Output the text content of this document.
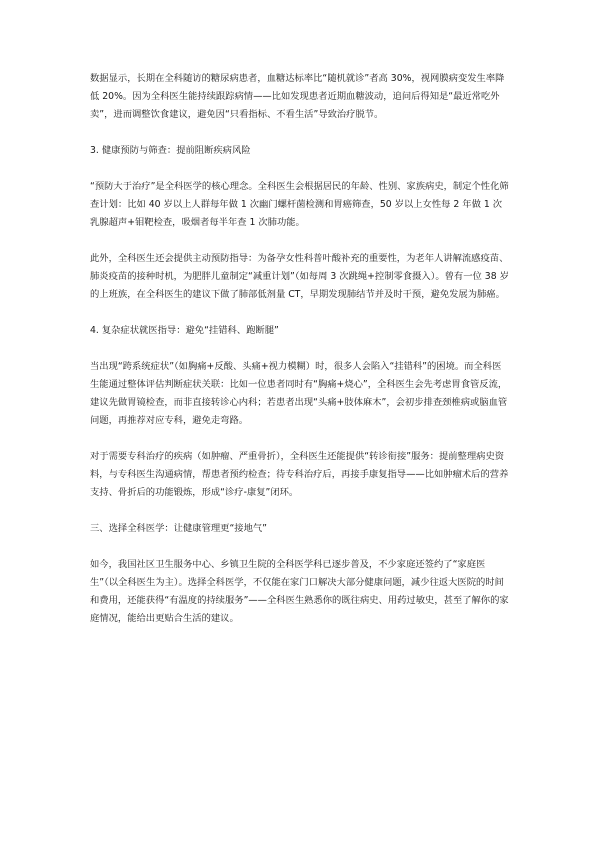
数据显示，长期在全科随访的糖尿病患者，血糖达标率比“随机就诊”者高 30%，视网膜病变发生率降低 20%。因为全科医生能持续跟踪病情——比如发现患者近期血糖波动，追问后得知是“最近常吃外卖”，进而调整饮食建议，避免因“只看指标、不看生活”导致治疗脱节。

3. 健康预防与筛查：提前阻断疾病风险

“预防大于治疗”是全科医学的核心理念。全科医生会根据居民的年龄、性别、家族病史，制定个性化筛查计划：比如 40 岁以上人群每年做 1 次幽门螺杆菌检测和胃癌筛查，50 岁以上女性每 2 年做 1 次乳腺超声+钼靶检查，吸烟者每半年查 1 次肺功能。

此外，全科医生还会提供主动预防指导：为备孕女性科普叶酸补充的重要性，为老年人讲解流感疫苗、肺炎疫苗的接种时机，为肥胖儿童制定“减重计划”（如每周 3 次跳绳+控制零食摄入）。曾有一位 38 岁的上班族，在全科医生的建议下做了肺部低剂量 CT，早期发现肺结节并及时干预，避免发展为肺癌。

4. 复杂症状就医指导：避免“挂错科、跑断腿”

当出现“跨系统症状”（如胸痛+反酸、头痛+视力模糊）时，很多人会陷入“挂错科”的困境。而全科医生能通过整体评估判断症状关联：比如一位患者同时有“胸痛+烧心”，全科医生会先考虑胃食管反流，建议先做胃镜检查，而非直接转诊心内科；若患者出现“头痛+肢体麻木”，会初步排查颈椎病或脑血管问题，再推荐对应专科，避免走弯路。

对于需要专科治疗的疾病（如肿瘤、严重骨折），全科医生还能提供“转诊衔接”服务：提前整理病史资料，与专科医生沟通病情，帮患者预约检查；待专科治疗后，再接手康复指导——比如肿瘤术后的营养支持、骨折后的功能锻炼，形成“诊疗-康复”闭环。

三、选择全科医学：让健康管理更“接地气”

如今，我国社区卫生服务中心、乡镇卫生院的全科医学科已逐步普及，不少家庭还签约了“家庭医生”（以全科医生为主）。选择全科医学，不仅能在家门口解决大部分健康问题，减少往返大医院的时间和费用，还能获得“有温度的持续服务”——全科医生熟悉你的既往病史、用药过敏史，甚至了解你的家庭情况，能给出更贴合生活的建议。
